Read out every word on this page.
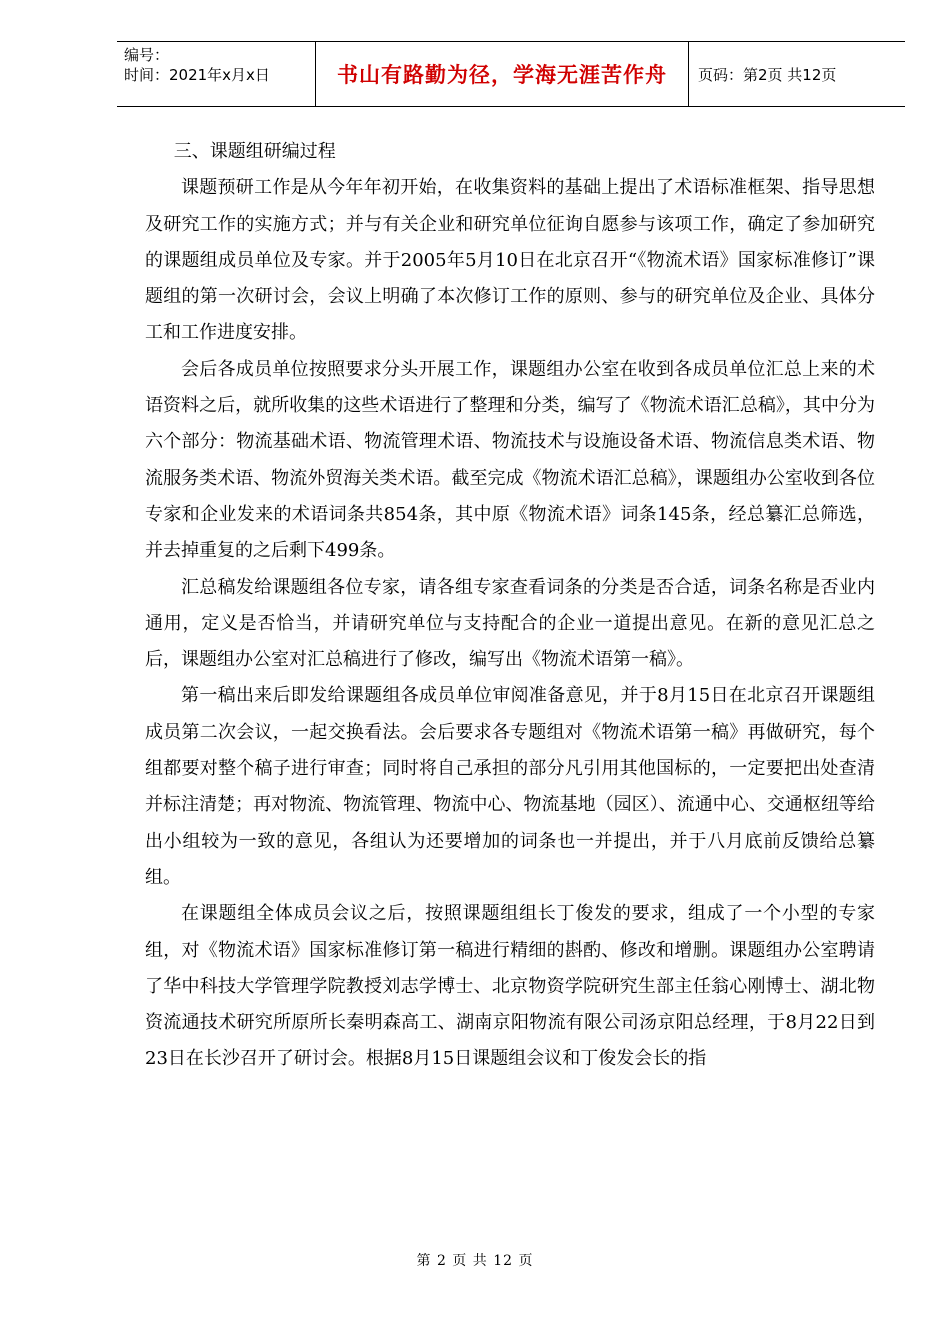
编号：
时间：2021年x月x日	书山有路勤为径，学海无涯苦作舟	页码：第2页 共12页

三、课题组研编过程

课题预研工作是从今年年初开始，在收集资料的基础上提出了术语标准框架、指导思想及研究工作的实施方式；并与有关企业和研究单位征询自愿参与该项工作，确定了参加研究的课题组成员单位及专家。并于2005年5月10日在北京召开“《物流术语》国家标准修订”课题组的第一次研讨会，会议上明确了本次修订工作的原则、参与的研究单位及企业、具体分工和工作进度安排。

会后各成员单位按照要求分头开展工作，课题组办公室在收到各成员单位汇总上来的术语资料之后，就所收集的这些术语进行了整理和分类，编写了《物流术语汇总稿》，其中分为六个部分：物流基础术语、物流管理术语、物流技术与设施设备术语、物流信息类术语、物流服务类术语、物流外贸海关类术语。截至完成《物流术语汇总稿》，课题组办公室收到各位专家和企业发来的术语词条共854条，其中原《物流术语》词条145条，经总纂汇总筛选，并去掉重复的之后剩下499条。

汇总稿发给课题组各位专家，请各组专家查看词条的分类是否合适，词条名称是否业内通用，定义是否恰当，并请研究单位与支持配合的企业一道提出意见。在新的意见汇总之后，课题组办公室对汇总稿进行了修改，编写出《物流术语第一稿》。

第一稿出来后即发给课题组各成员单位审阅准备意见，并于8月15日在北京召开课题组成员第二次会议，一起交换看法。会后要求各专题组对《物流术语第一稿》再做研究，每个组都要对整个稿子进行审查；同时将自己承担的部分凡引用其他国标的，一定要把出处查清并标注清楚；再对物流、物流管理、物流中心、物流基地（园区）、流通中心、交通枢纽等给出小组较为一致的意见，各组认为还要增加的词条也一并提出，并于八月底前反馈给总纂组。

在课题组全体成员会议之后，按照课题组组长丁俊发的要求，组成了一个小型的专家组，对《物流术语》国家标准修订第一稿进行精细的斟酌、修改和增删。课题组办公室聘请了华中科技大学管理学院教授刘志学博士、北京物资学院研究生部主任翁心刚博士、湖北物资流通技术研究所原所长秦明森高工、湖南京阳物流有限公司汤京阳总经理，于8月22日到23日在长沙召开了研讨会。根据8月15日课题组会议和丁俊发会长的指

第 2 页 共 12 页
